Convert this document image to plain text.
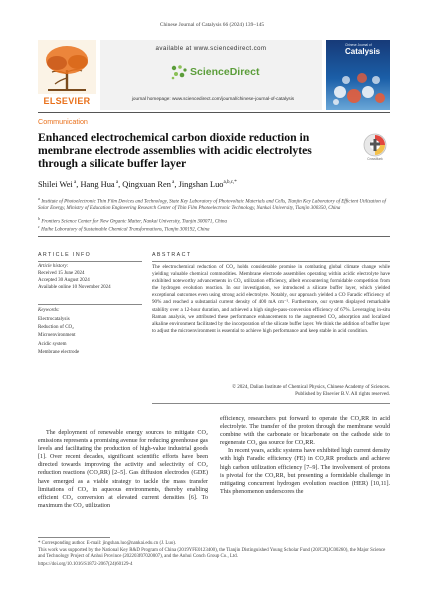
Chinese Journal of Catalysis 66 (2024) 139–145
ELSEVIER
available at www.sciencedirect.com
ScienceDirect
journal homepage: www.sciencedirect.com/journal/chinese-journal-of-catalysis
Chinese Journal of
Catalysis
Communication
Enhanced electrochemical carbon dioxide reduction in membrane electrode assemblies with acidic electrolytes through a silicate buffer layer	CrossMark
Shilei Wei $^a$, Hang Hua $^a$, Qingxuan Ren $^a$, Jingshan Luo$^{a,b,c,*}$
$^a$ Institute of Photoelectronic Thin Film Devices and Technology, State Key Laboratory of Photovoltaic Materials and Cells, Tianjin Key Laboratory of Efficient Utilization of Solar Energy, Ministry of Education Engineering Research Center of Thin Film Photoelectronic Technology, Nankai University, Tianjin 300350, China
$^b$ Frontiers Science Center for New Organic Matter, Nankai University, Tianjin 300071, China
$^c$ Haihe Laboratory of Sustainable Chemical Transformations, Tianjin 300192, China
ARTICLE INFO	ABSTRACT
Article history:
Received 15 June 2024
Accepted 30 August 2024
Available online 10 November 2024
Keywords:
Electrocatalysis
Reduction of CO₂
Microenvironment
Acidic system
Membrane electrode
The electrochemical reduction of CO₂ holds considerable promise in combating global climate change while yielding valuable chemical commodities. Membrane electrode assemblies operating within acidic electrolyte have exhibited noteworthy advancements in CO₂ utilization efficiency, albeit encountering formidable competition from the hydrogen evolution reaction. In our investigation, we introduced a silicate buffer layer, which yielded exceptional outcomes even using strong acid electrolyte. Notably, our approach yielded a CO Faradic efficiency of 90% and reached a substantial current density of 400 mA cm⁻². Furthermore, our system displayed remarkable stability over a 12-hour duration, and achieved a high single-pass-conversion efficiency of 67%. Leveraging in-situ Raman analysis, we attributed these performance enhancements to the augmented CO₂ adsorption and localized alkaline environment facilitated by the incorporation of the silicate buffer layer. We think the addition of buffer layer to adjust the microenvironment is essential to achieve high performance and keep stable in acid condition.
© 2024, Dalian Institute of Chemical Physics, Chinese Academy of Sciences.
Published by Elsevier B.V. All rights reserved.
The deployment of renewable energy sources to mitigate CO₂ emissions represents a promising avenue for reducing greenhouse gas levels and facilitating the production of high-value industrial goods [1]. Over recent decades, significant scientific efforts have been directed towards improving the activity and selectivity of CO₂ reduction reactions (CO₂RR) [2–5]. Gas diffusion electrodes (GDE) have emerged as a viable strategy to tackle the mass transfer limitations of CO₂ in aqueous environments, thereby enabling efficient CO₂ conversion at elevated current densities [6]. To maximum the CO₂ utilization

efficiency, researchers put forward to operate the CO₂RR in acid electrolyte. The transfer of the proton through the membrane would combine with the carbonate or bicarbonate on the cathode side to regenerate CO₂ gas source for CO₂RR.

In recent years, acidic systems have exhibited high current density with high Faradic efficiency (FE) in CO₂RR products and achieve high carbon utilization efficiency [7–9]. The involvement of protons is pivotal for the CO₂RR, but presenting a formidable challenge in mitigating concurrent hydrogen evolution reaction (HER) [10,11]. This phenomenon underscores the

* Corresponding author. E-mail: jingshan.luo@nankai.edu.cn (J. Luo).
This work was supported by the National Key R&D Program of China (2019YFE0123400), the Tianjin Distinguished Young Scholar Fund (20JCJQJC00260), the Major Science and Technology Project of Anhui Province (202203f07020007), and the Anhui Conch Group Co., Ltd.
https://doi.org/10.1016/S1872-2067(24)60129-4
